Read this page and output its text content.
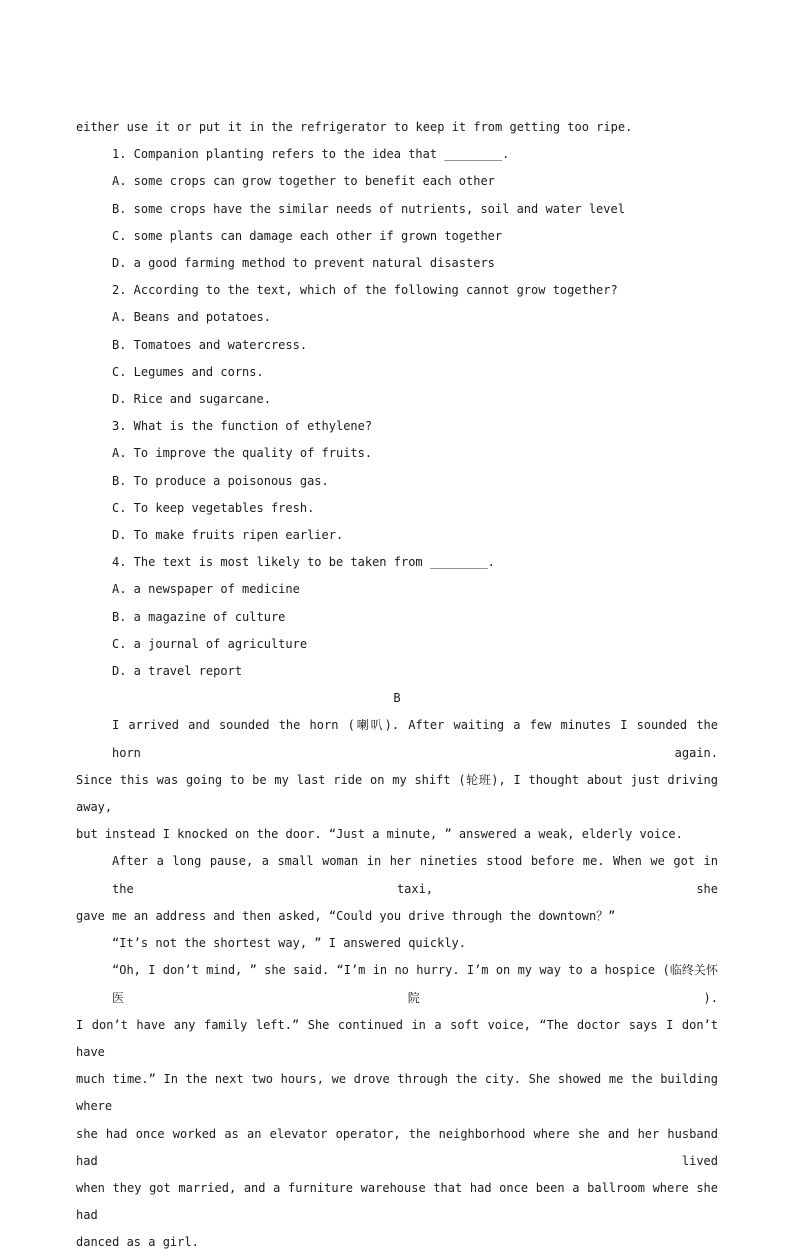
either use it or put it in the refrigerator to keep it from getting too ripe.
1. Companion planting refers to the idea that ________.
A. some crops can grow together to benefit each other
B. some crops have the similar needs of nutrients, soil and water level
C. some plants can damage each other if grown together
D. a good farming method to prevent natural disasters
2. According to the text, which of the following cannot grow together?
A. Beans and potatoes.
B. Tomatoes and watercress.
C. Legumes and corns.
D. Rice and sugarcane.
3. What is the function of ethylene?
A. To improve the quality of fruits.
B. To produce a poisonous gas.
C. To keep vegetables fresh.
D. To make fruits ripen earlier.
4. The text is most likely to be taken from ________.
A. a newspaper of medicine
B. a magazine of culture
C. a journal of agriculture
D. a travel report
B
I arrived and sounded the horn (喇叭). After waiting a few minutes I sounded the horn again.
Since this was going to be my last ride on my shift (轮班), I thought about just driving away,
but instead I knocked on the door. “Just a minute, ” answered a weak, elderly voice.
After a long pause, a small woman in her nineties stood before me. When we got in the taxi, she
gave me an address and then asked, “Could you drive through the downtown？”
“It’s not the shortest way, ” I answered quickly.
“Oh, I don’t mind, ” she said. “I’m in no hurry. I’m on my way to a hospice (临终关怀医院).
I don’t have any family left.” She continued in a soft voice, “The doctor says I don’t have
much time.” In the next two hours, we drove through the city. She showed me the building where
she had once worked as an elevator operator, the neighborhood where she and her husband had lived
when they got married, and a furniture warehouse that had once been a ballroom where she had
danced as a girl.
